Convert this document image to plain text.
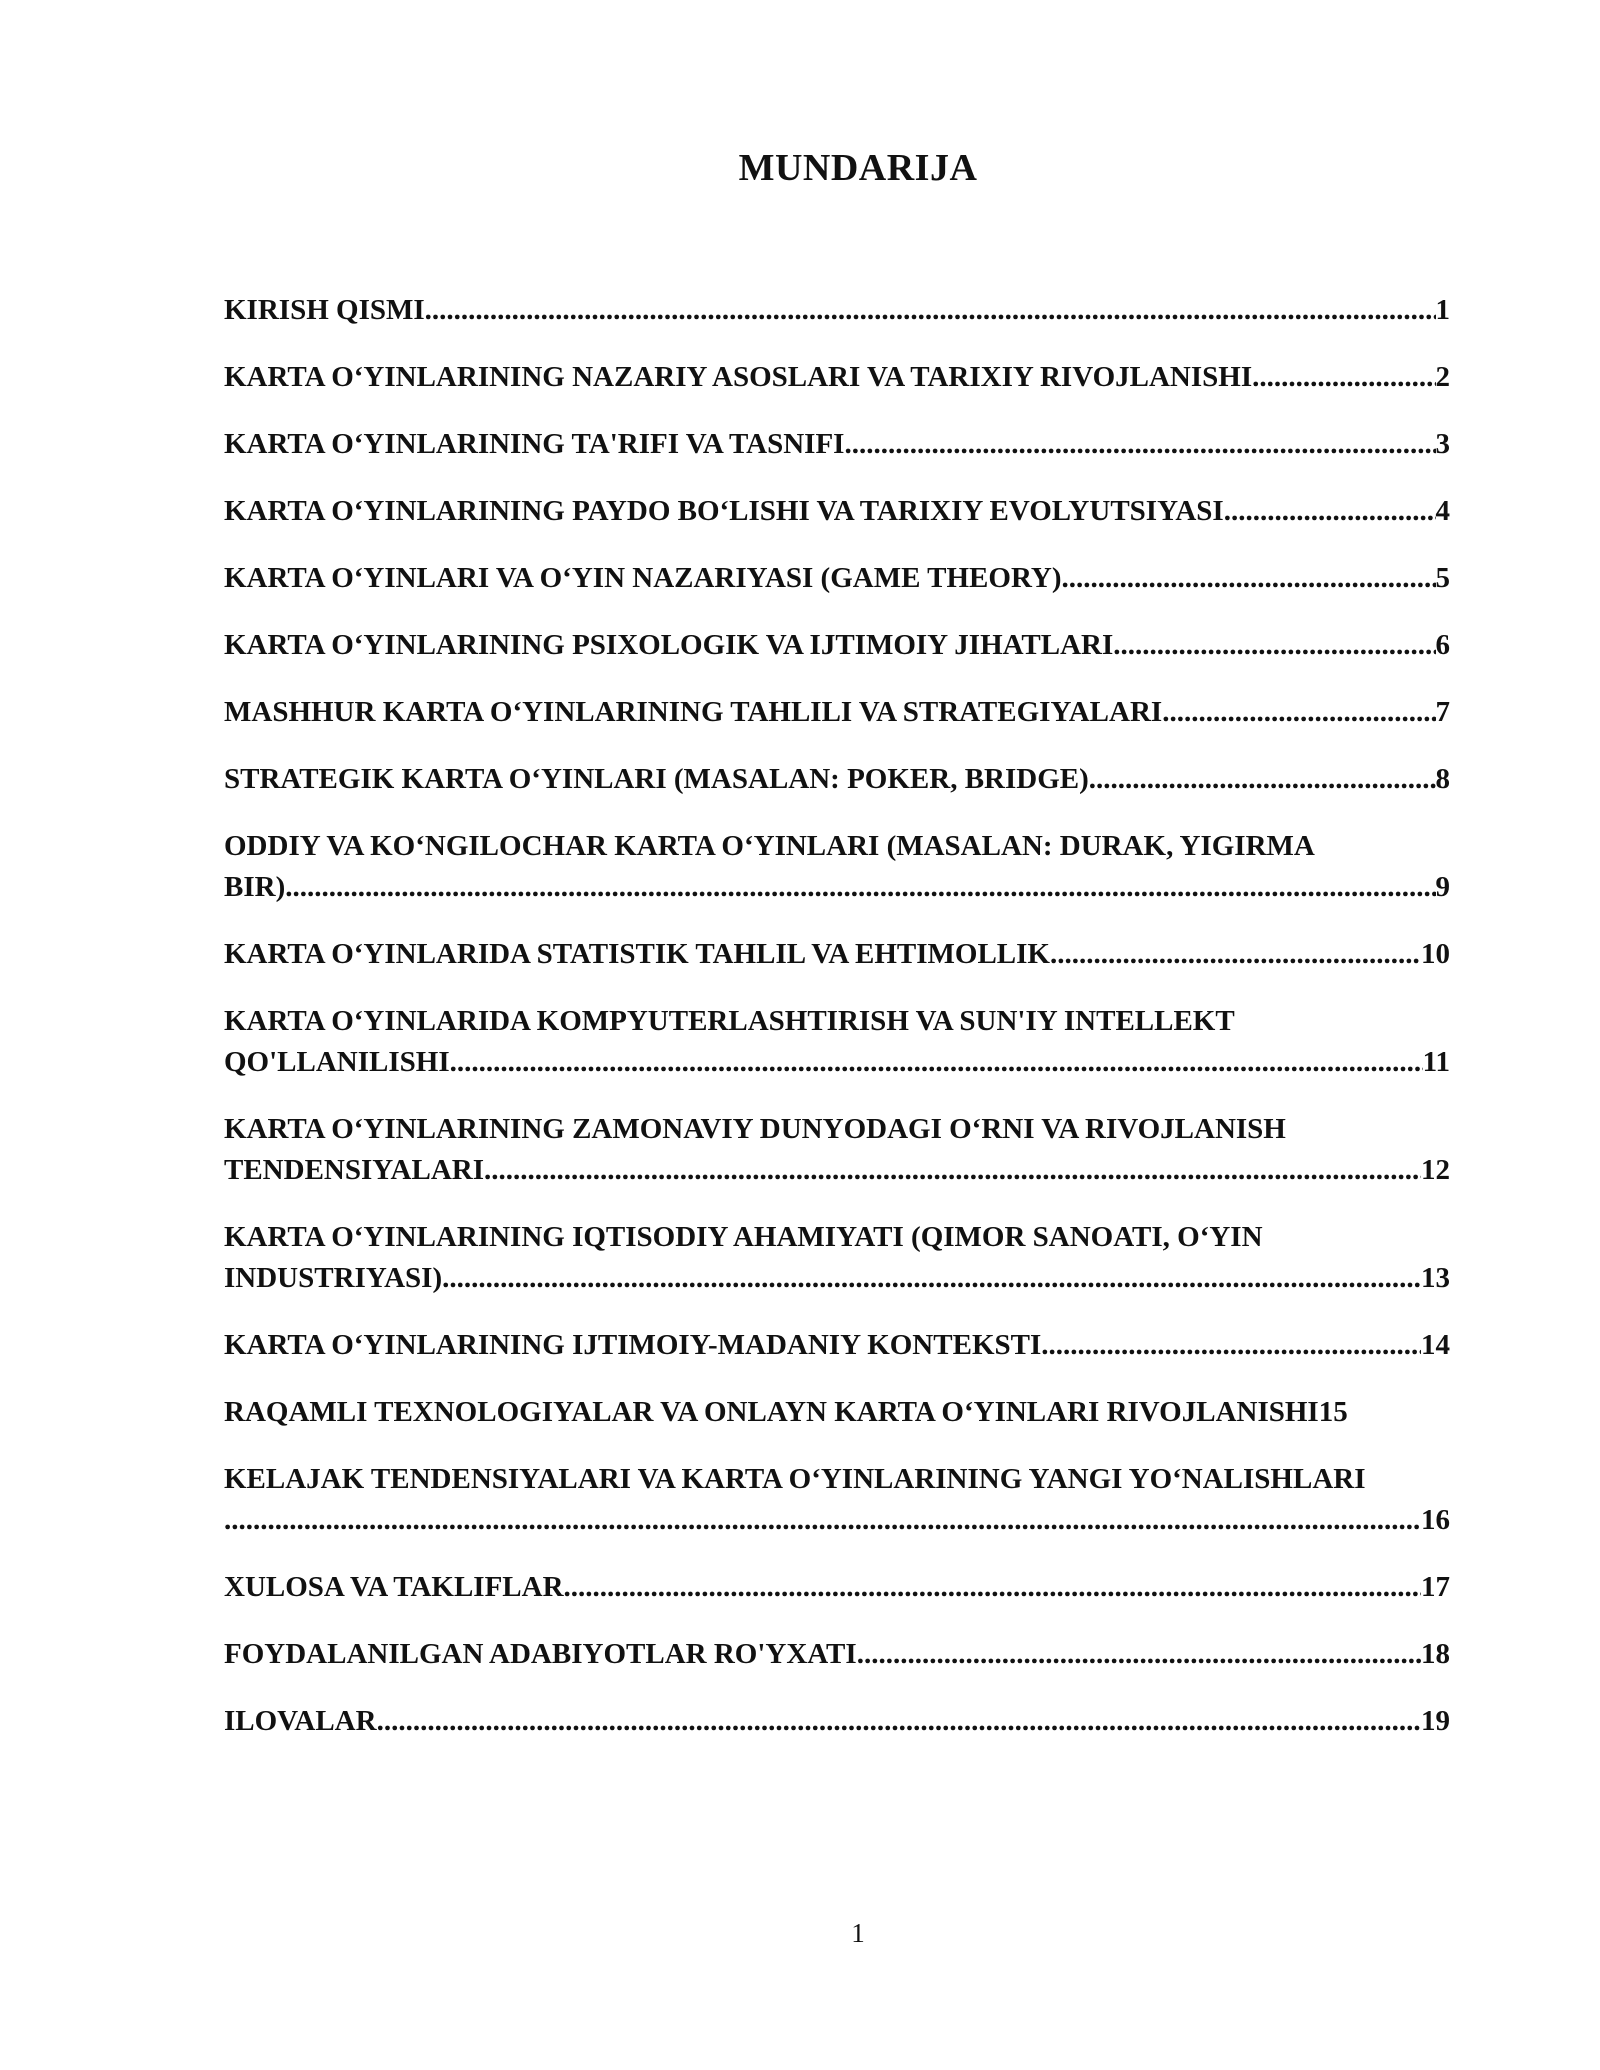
MUNDARIJA
KIRISH QISMI .....	1
KARTA O‘YINLARINING NAZARIY ASOSLARI VA TARIXIY RIVOJLANISHI .....	2
KARTA O‘YINLARINING TA'RIFI VA TASNIFI .....	3
KARTA O‘YINLARINING PAYDO BO‘LISHI VA TARIXIY EVOLYUTSIYASI .....	4
KARTA O‘YINLARI VA O‘YIN NAZARIYASI (GAME THEORY) .....	5
KARTA O‘YINLARINING PSIXOLOGIK VA IJTIMOIY JIHATLARI .....	6
MASHHUR KARTA O‘YINLARINING TAHLILI VA STRATEGIYALARI .....	7
STRATEGIK KARTA O‘YINLARI (MASALAN: POKER, BRIDGE) .....	8
ODDIY VA KO‘NGILOCHAR KARTA O‘YINLARI (MASALAN: DURAK, YIGIRMA
BIR) .....	9
KARTA O‘YINLARIDA STATISTIK TAHLIL VA EHTIMOLLIK .....	10
KARTA O‘YINLARIDA KOMPYUTERLASHTIRISH VA SUN'IY INTELLEKT
QO'LLANILISHI .....	11
KARTA O‘YINLARINING ZAMONAVIY DUNYODAGI O‘RNI VA RIVOJLANISH
TENDENSIYALARI .....	12
KARTA O‘YINLARINING IQTISODIY AHAMIYATI (QIMOR SANOATI, O‘YIN
INDUSTRIYASI) .....	13
KARTA O‘YINLARINING IJTIMOIY-MADANIY KONTEKSTI .....	14
RAQAMLI TEXNOLOGIYALAR VA ONLAYN KARTA O‘YINLARI RIVOJLANISHI 15
KELAJAK TENDENSIYALARI VA KARTA O‘YINLARINING YANGI YO‘NALISHLARI
.....
16
XULOSA VA TAKLIFLAR .....	17
FOYDALANILGAN ADABIYOTLAR RO'YXATI .....	18
ILOVALAR .....	19
1
